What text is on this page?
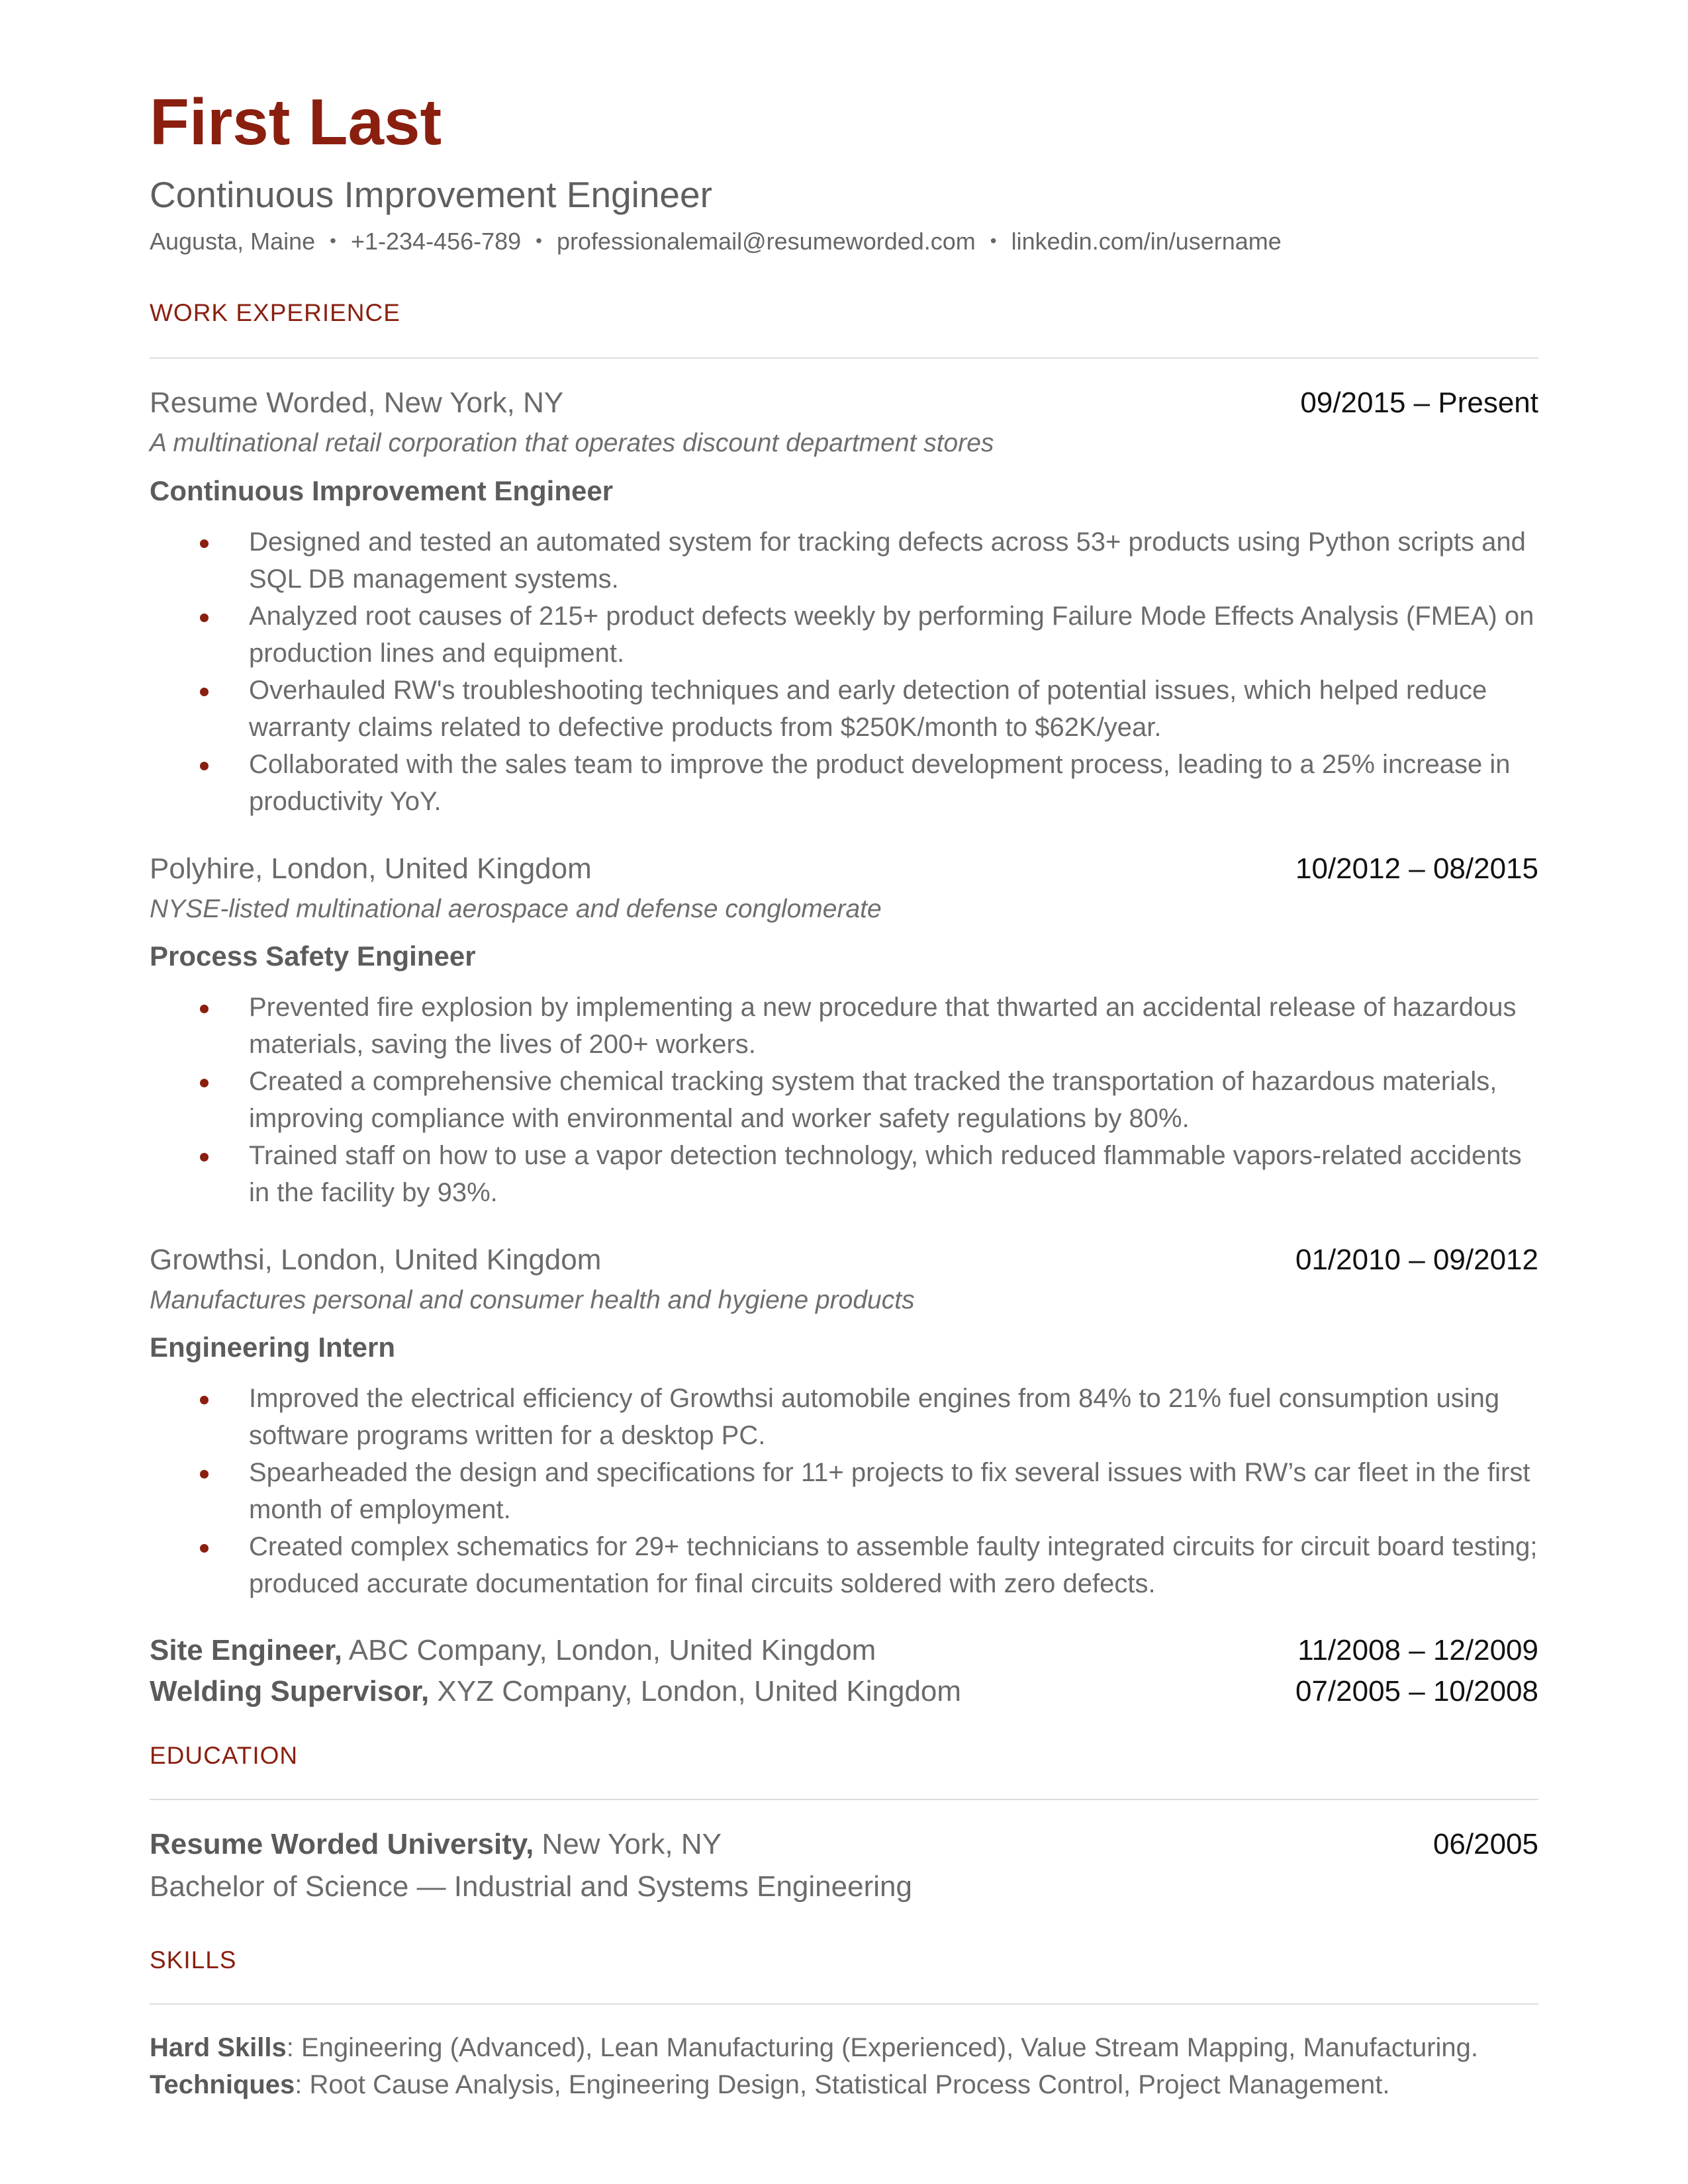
First Last
Continuous Improvement Engineer
Augusta, Maine • +1-234-456-789 • professionalemail@resumeworded.com • linkedin.com/in/username
WORK EXPERIENCE
Resume Worded, New York, NY	09/2015 – Present
A multinational retail corporation that operates discount department stores
Continuous Improvement Engineer
Designed and tested an automated system for tracking defects across 53+ products using Python scripts and SQL DB management systems.
Analyzed root causes of 215+ product defects weekly by performing Failure Mode Effects Analysis (FMEA) on production lines and equipment.
Overhauled RW's troubleshooting techniques and early detection of potential issues, which helped reduce warranty claims related to defective products from $250K/month to $62K/year.
Collaborated with the sales team to improve the product development process, leading to a 25% increase in productivity YoY.
Polyhire, London, United Kingdom	10/2012 – 08/2015
NYSE-listed multinational aerospace and defense conglomerate
Process Safety Engineer
Prevented fire explosion by implementing a new procedure that thwarted an accidental release of hazardous materials, saving the lives of 200+ workers.
Created a comprehensive chemical tracking system that tracked the transportation of hazardous materials, improving compliance with environmental and worker safety regulations by 80%.
Trained staff on how to use a vapor detection technology, which reduced flammable vapors-related accidents in the facility by 93%.
Growthsi, London, United Kingdom	01/2010 – 09/2012
Manufactures personal and consumer health and hygiene products
Engineering Intern
Improved the electrical efficiency of Growthsi automobile engines from 84% to 21% fuel consumption using software programs written for a desktop PC.
Spearheaded the design and specifications for 11+ projects to fix several issues with RW’s car fleet in the first month of employment.
Created complex schematics for 29+ technicians to assemble faulty integrated circuits for circuit board testing; produced accurate documentation for final circuits soldered with zero defects.
Site Engineer, ABC Company, London, United Kingdom	11/2008 – 12/2009
Welding Supervisor, XYZ Company, London, United Kingdom	07/2005 – 10/2008
EDUCATION
Resume Worded University, New York, NY	06/2005
Bachelor of Science — Industrial and Systems Engineering
SKILLS
Hard Skills: Engineering (Advanced), Lean Manufacturing (Experienced), Value Stream Mapping, Manufacturing.
Techniques: Root Cause Analysis, Engineering Design, Statistical Process Control, Project Management.
